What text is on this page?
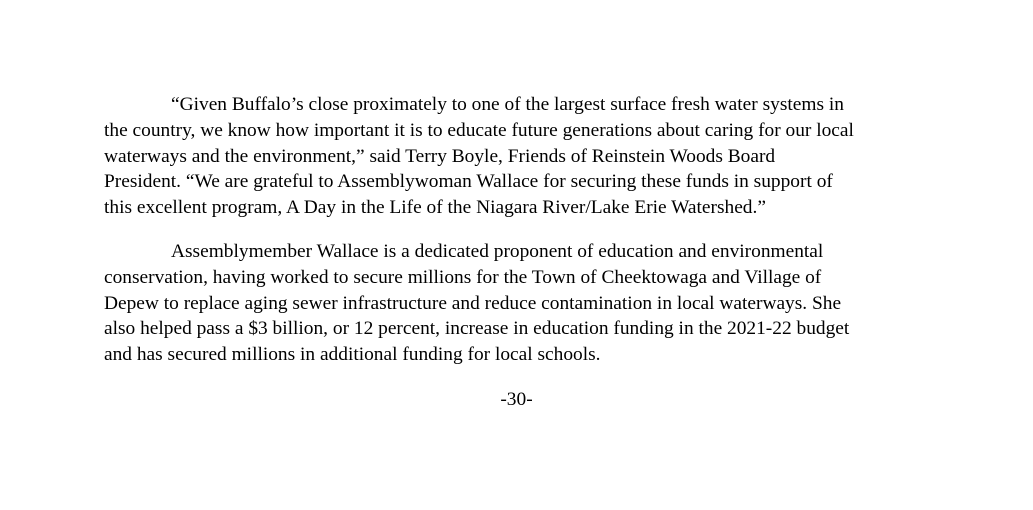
“Given Buffalo’s close proximately to one of the largest surface fresh water systems in
the country, we know how important it is to educate future generations about caring for our local
waterways and the environment,” said Terry Boyle, Friends of Reinstein Woods Board
President. “We are grateful to Assemblywoman Wallace for securing these funds in support of
this excellent program, A Day in the Life of the Niagara River/Lake Erie Watershed.”
Assemblymember Wallace is a dedicated proponent of education and environmental
conservation, having worked to secure millions for the Town of Cheektowaga and Village of
Depew to replace aging sewer infrastructure and reduce contamination in local waterways. She
also helped pass a $3 billion, or 12 percent, increase in education funding in the 2021-22 budget
and has secured millions in additional funding for local schools.
-30-
